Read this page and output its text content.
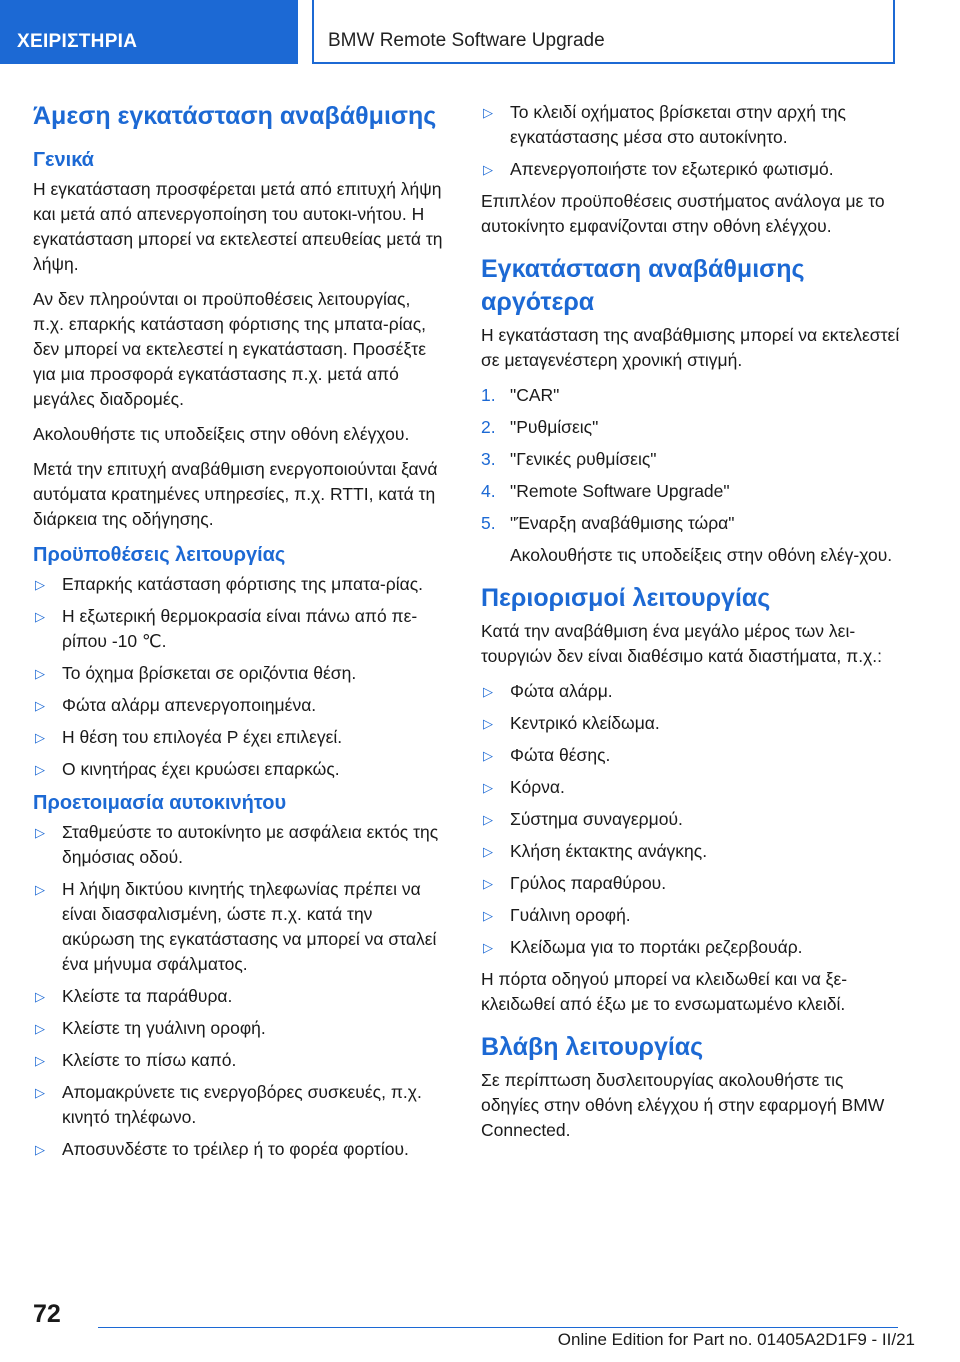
ΧΕΙΡΙΣΤΗΡΙΑ	BMW Remote Software Upgrade
Άμεση εγκατάσταση αναβάθμισης
Γενικά

Η εγκατάσταση προσφέρεται μετά από επιτυχή λήψη και μετά από απενεργοποίηση του αυτοκι-νήτου. Η εγκατάσταση μπορεί να εκτελεστεί απευθείας μετά τη λήψη.

Αν δεν πληρούνται οι προϋποθέσεις λειτουργίας, π.χ. επαρκής κατάσταση φόρτισης της μπατα-ρίας, δεν μπορεί να εκτελεστεί η εγκατάσταση. Προσέξτε για μια προσφορά εγκατάστασης π.χ. μετά από μεγάλες διαδρομές.

Ακολουθήστε τις υποδείξεις στην οθόνη ελέγχου.

Μετά την επιτυχή αναβάθμιση ενεργοποιούνται ξανά αυτόματα κρατημένες υπηρεσίες, π.χ. RTTI, κατά τη διάρκεια της οδήγησης.

Προϋποθέσεις λειτουργίας
▷ Επαρκής κατάσταση φόρτισης της μπατα-ρίας.
▷ Η εξωτερική θερμοκρασία είναι πάνω από πε-ρίπου -10 ℃.
▷ Το όχημα βρίσκεται σε οριζόντια θέση.
▷ Φώτα αλάρμ απενεργοποιημένα.
▷ Η θέση του επιλογέα P έχει επιλεγεί.
▷ Ο κινητήρας έχει κρυώσει επαρκώς.
Προετοιμασία αυτοκινήτου
▷ Σταθμεύστε το αυτοκίνητο με ασφάλεια εκτός της δημόσιας οδού.
▷ Η λήψη δικτύου κινητής τηλεφωνίας πρέπει να είναι διασφαλισμένη, ώστε π.χ. κατά την ακύρωση της εγκατάστασης να μπορεί να σταλεί ένα μήνυμα σφάλματος.
▷ Κλείστε τα παράθυρα.
▷ Κλείστε τη γυάλινη οροφή.
▷ Κλείστε το πίσω καπό.
▷ Απομακρύνετε τις ενεργοβόρες συσκευές, π.χ. κινητό τηλέφωνο.
▷ Αποσυνδέστε το τρέιλερ ή το φορέα φορτίου.
▷ Το κλειδί οχήματος βρίσκεται στην αρχή της εγκατάστασης μέσα στο αυτοκίνητο.
▷ Απενεργοποιήστε τον εξωτερικό φωτισμό.

Επιπλέον προϋποθέσεις συστήματος ανάλογα με το αυτοκίνητο εμφανίζονται στην οθόνη ελέγχου.

Εγκατάσταση αναβάθμισης αργότερα

Η εγκατάσταση της αναβάθμισης μπορεί να εκτελεστεί σε μεταγενέστερη χρονική στιγμή.

1. "CAR"
2. "Ρυθμίσεις"
3. "Γενικές ρυθμίσεις"
4. "Remote Software Upgrade"
5. "Έναρξη αναβάθμισης τώρα"
Ακολουθήστε τις υποδείξεις στην οθόνη ελέγ-χου.
Περιορισμοί λειτουργίας

Κατά την αναβάθμιση ένα μεγάλο μέρος των λει-τουργιών δεν είναι διαθέσιμο κατά διαστήματα, π.χ.:

▷ Φώτα αλάρμ.
▷ Κεντρικό κλείδωμα.
▷ Φώτα θέσης.
▷ Κόρνα.
▷ Σύστημα συναγερμού.
▷ Κλήση έκτακτης ανάγκης.
▷ Γρύλος παραθύρου.
▷ Γυάλινη οροφή.
▷ Κλείδωμα για το πορτάκι ρεζερβουάρ.

Η πόρτα οδηγού μπορεί να κλειδωθεί και να ξε-κλειδωθεί από έξω με το ενσωματωμένο κλειδί.

Βλάβη λειτουργίας

Σε περίπτωση δυσλειτουργίας ακολουθήστε τις οδηγίες στην οθόνη ελέγχου ή στην εφαρμογή BMW Connected.

72
Online Edition for Part no. 01405A2D1F9 - II/21
